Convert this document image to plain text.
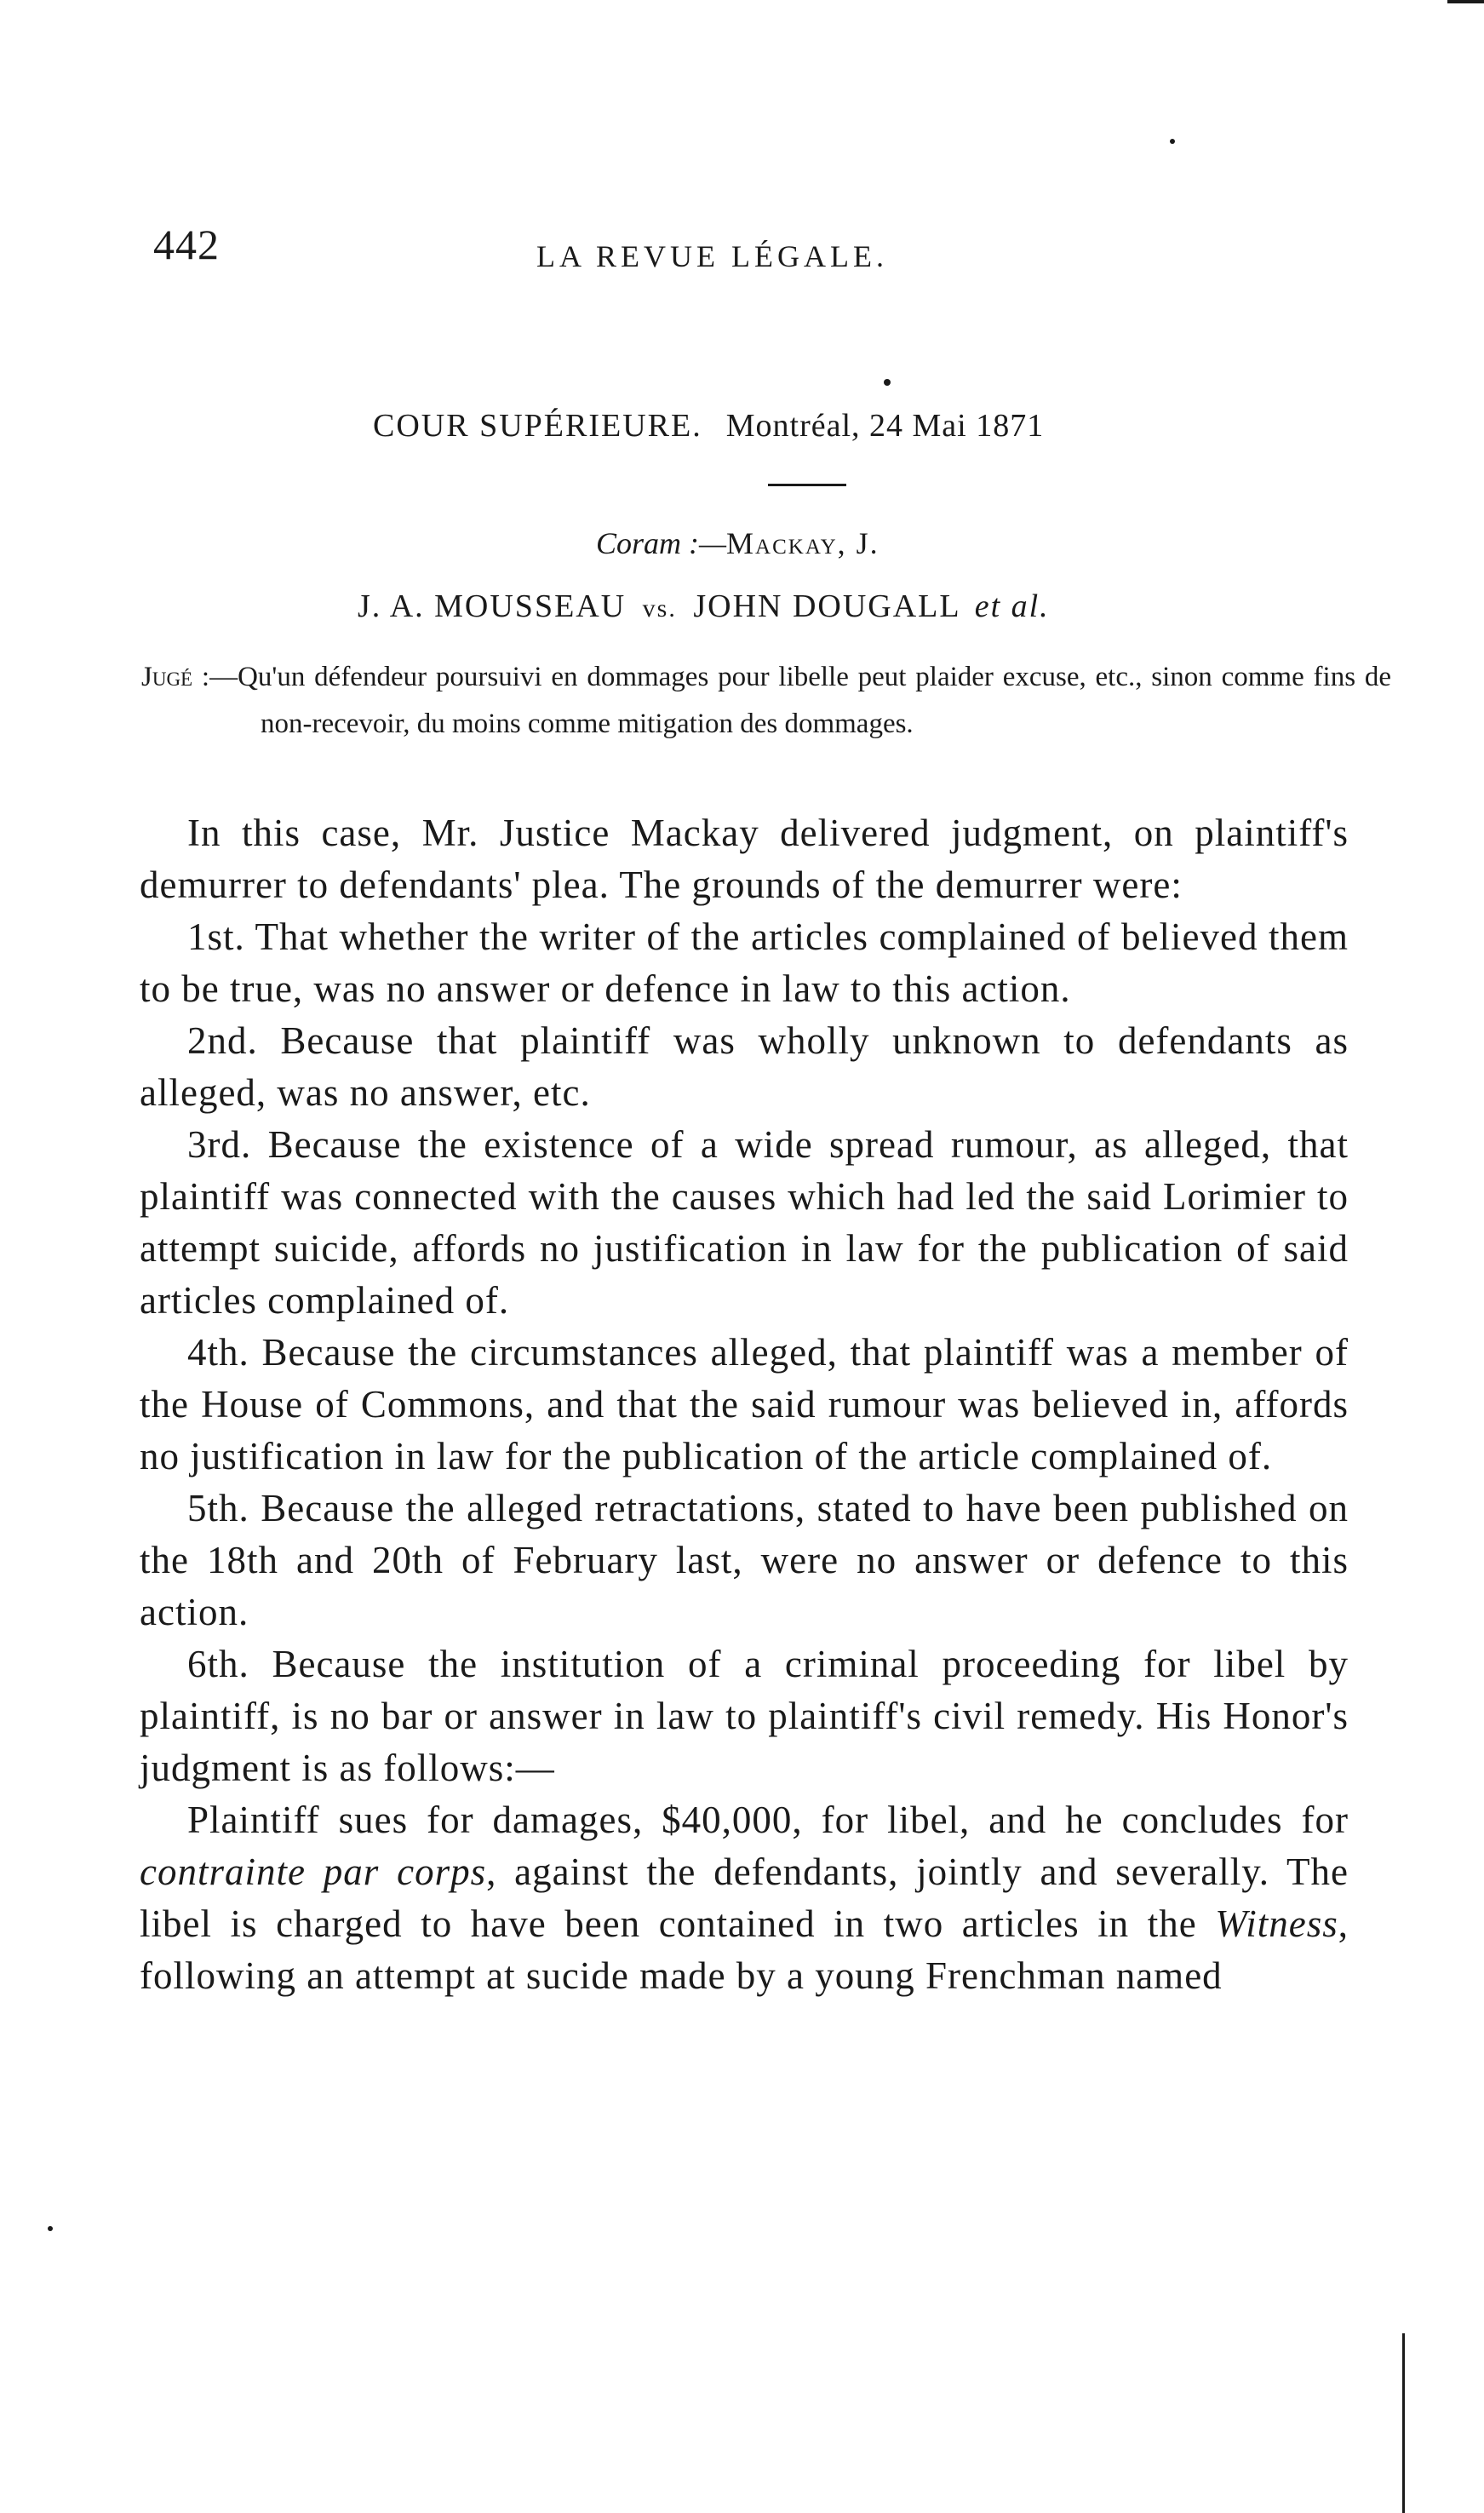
442	LA REVUE LÉGALE.
COUR SUPÉRIEURE. Montréal, 24 Mai 1871
Coram :—Mackay, J.
J. A. MOUSSEAU vs. JOHN DOUGALL et al.

Jugé :—Qu'un défendeur poursuivi en dommages pour libelle peut plaider excuse, etc., sinon comme fins de non-recevoir, du moins comme mitigation des dommages.

In this case, Mr. Justice Mackay delivered judgment, on plaintiff's demurrer to defendants' plea. The grounds of the demurrer were:

1st. That whether the writer of the articles complained of believed them to be true, was no answer or defence in law to this action.

2nd. Because that plaintiff was wholly unknown to defendants as alleged, was no answer, etc.

3rd. Because the existence of a wide spread rumour, as alleged, that plaintiff was connected with the causes which had led the said Lorimier to attempt suicide, affords no justification in law for the publication of said articles complained of.

4th. Because the circumstances alleged, that plaintiff was a member of the House of Commons, and that the said rumour was believed in, affords no justification in law for the publication of the article complained of.

5th. Because the alleged retractations, stated to have been published on the 18th and 20th of February last, were no answer or defence to this action.

6th. Because the institution of a criminal proceeding for libel by plaintiff, is no bar or answer in law to plaintiff's civil remedy. His Honor's judgment is as follows:—

Plaintiff sues for damages, $40,000, for libel, and he concludes for contrainte par corps, against the defendants, jointly and severally. The libel is charged to have been contained in two articles in the Witness, following an attempt at sucide made by a young Frenchman named
